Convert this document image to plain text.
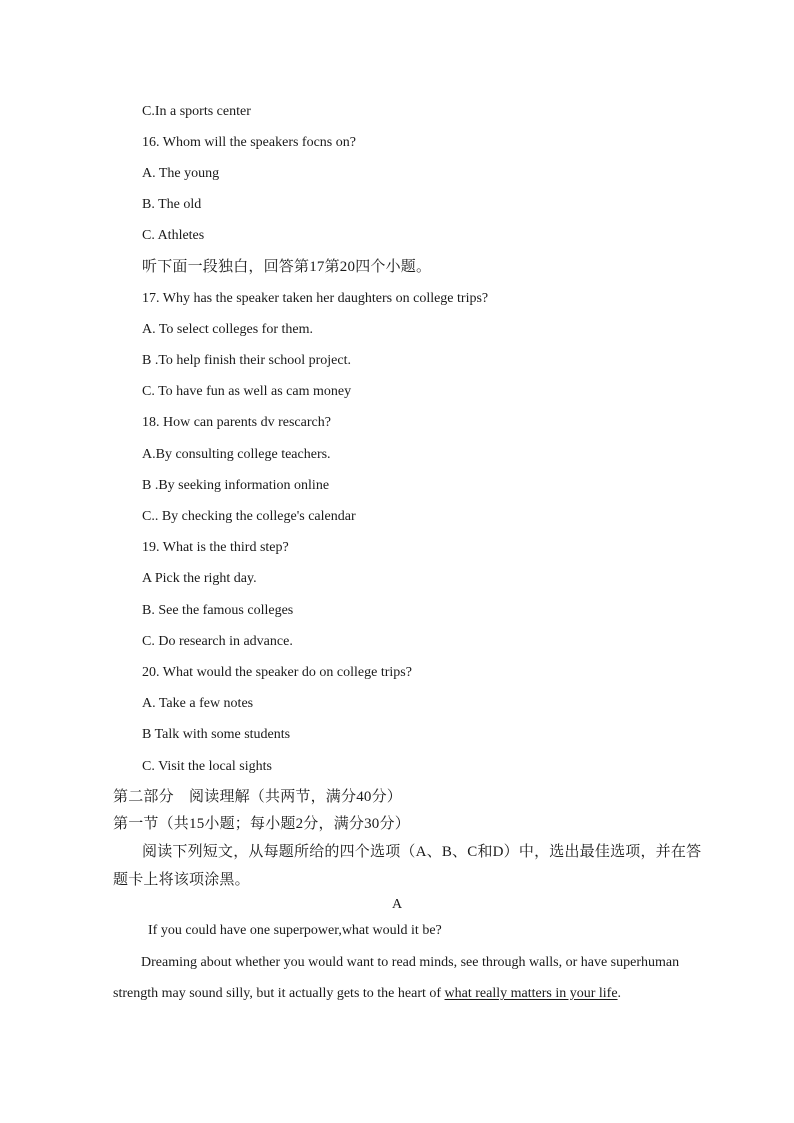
C.In a sports center
16. Whom will the speakers focns on?
A. The young
B. The old
C. Athletes
听下面一段独白，回答第17第20四个小题。
17. Why has the speaker taken her daughters on college trips?
A. To select colleges for them.
B .To help finish their school project.
C. To have fun as well as cam money
18. How can parents dv rescarch?
A.By consulting college teachers.
B .By seeking information online
C.. By checking the college's calendar
19. What is the third step?
A Pick the right day.
B. See the famous colleges
C. Do research in advance.
20. What would the speaker do on college trips?
A. Take a few notes
B Talk with some students
C. Visit the local sights
第二部分　阅读理解（共两节，满分40分）
第一节（共15小题；每小题2分，满分30分）
阅读下列短文，从每题所给的四个选项（A、B、C和D）中，选出最佳选项，并在答
题卡上将该项涂黑。
A
If you could have one superpower,what would it be?
Dreaming about whether you would want to read minds, see through walls, or have superhuman
strength may sound silly, but it actually gets to the heart of what really matters in your life.
